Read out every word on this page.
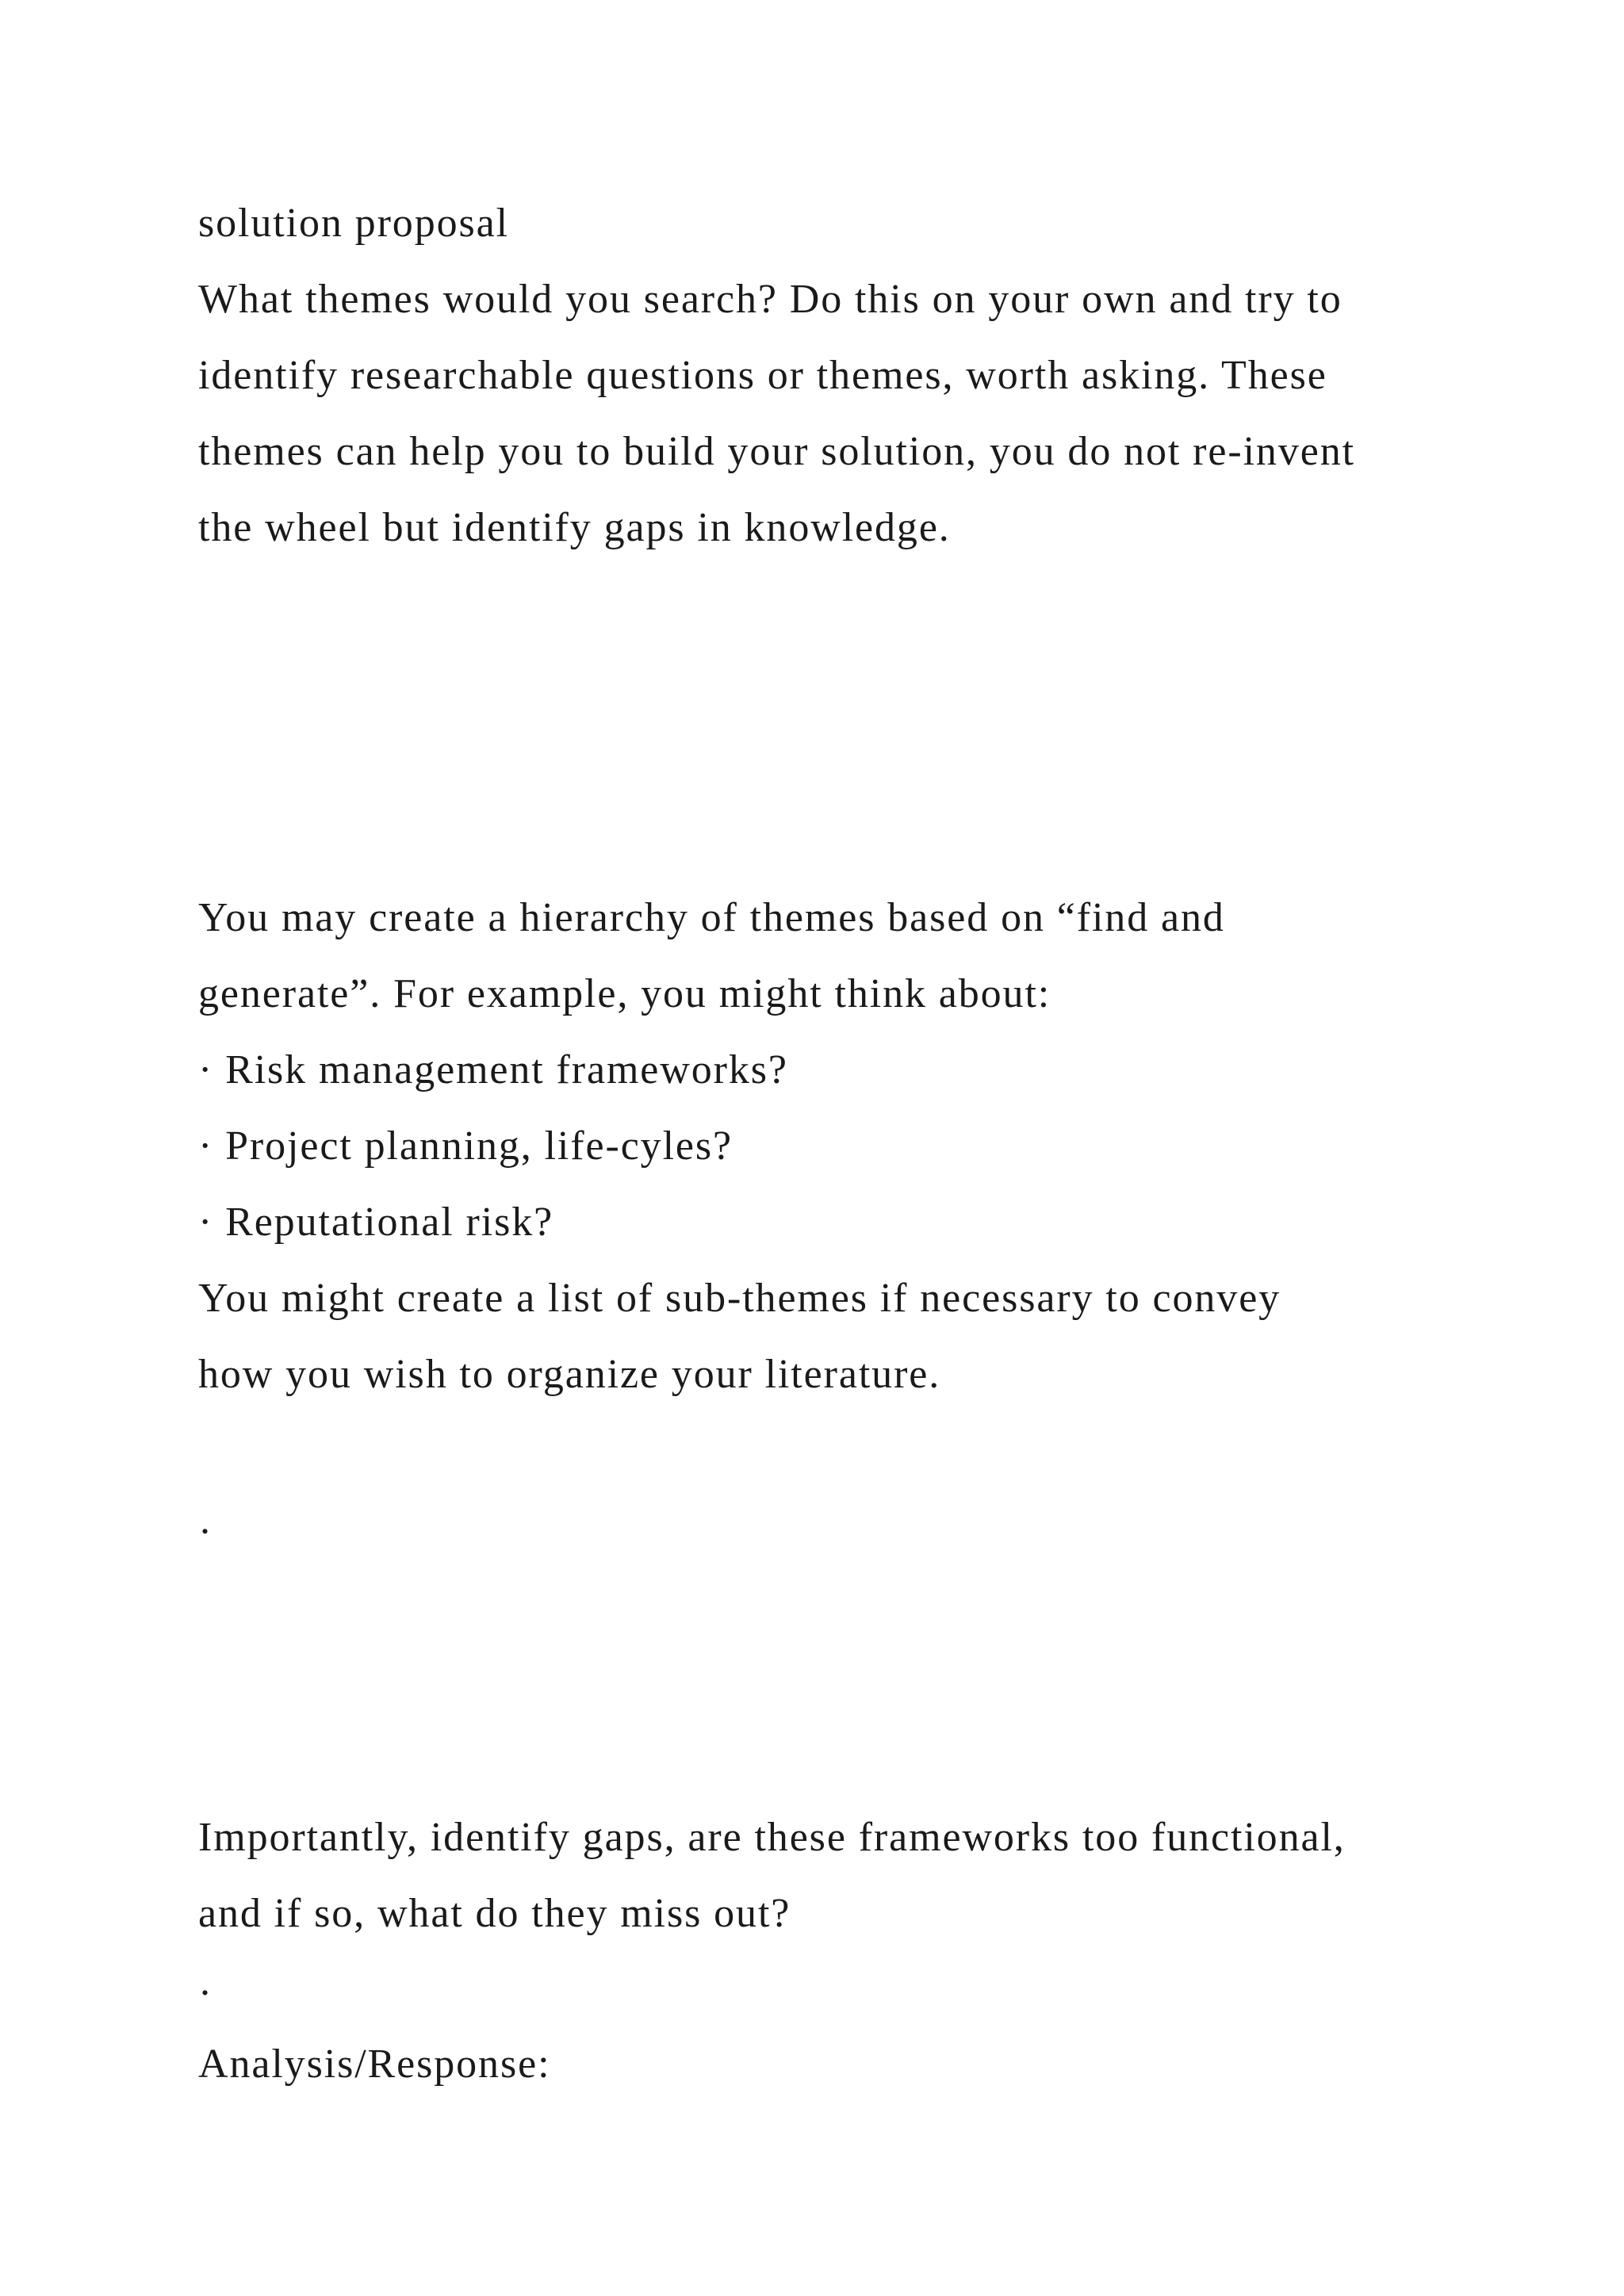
solution proposal
What themes would you search? Do this on your own and try to
identify researchable questions or themes, worth asking. These
themes can help you to build your solution, you do not re-invent
the wheel but identify gaps in knowledge.
You may create a hierarchy of themes based on “find and
generate”. For example, you might think about:
· Risk management frameworks?
· Project planning, life-cyles?
· Reputational risk?
You might create a list of sub-themes if necessary to convey
how you wish to organize your literature.
.
Importantly, identify gaps, are these frameworks too functional,
and if so, what do they miss out?
.
Analysis/Response:
